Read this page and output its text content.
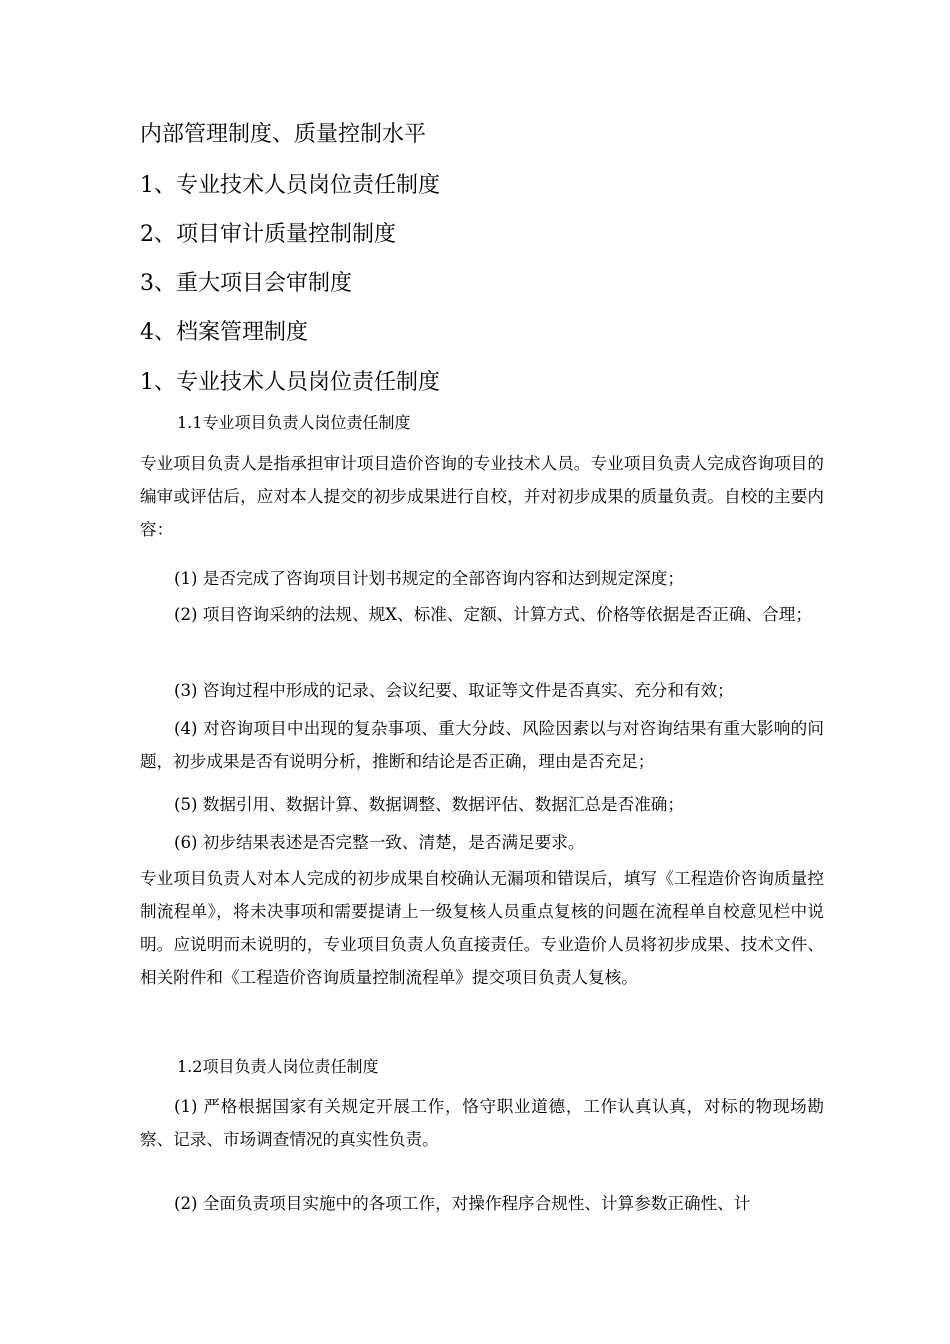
内部管理制度、质量控制水平
1、专业技术人员岗位责任制度
2、项目审计质量控制制度
3、重大项目会审制度
4、档案管理制度
1、专业技术人员岗位责任制度
1.1专业项目负责人岗位责任制度

专业项目负责人是指承担审计项目造价咨询的专业技术人员。专业项目负责人完成咨询项目的编审或评估后，应对本人提交的初步成果进行自校，并对初步成果的质量负责。自校的主要内容：

(1) 是否完成了咨询项目计划书规定的全部咨询内容和达到规定深度；

(2) 项目咨询采纳的法规、规X、标准、定额、计算方式、价格等依据是否正确、合理；

(3) 咨询过程中形成的记录、会议纪要、取证等文件是否真实、充分和有效；

(4) 对咨询项目中出现的复杂事项、重大分歧、风险因素以与对咨询结果有重大影响的问题，初步成果是否有说明分析，推断和结论是否正确，理由是否充足；

(5) 数据引用、数据计算、数据调整、数据评估、数据汇总是否准确；

(6) 初步结果表述是否完整一致、清楚，是否满足要求。

专业项目负责人对本人完成的初步成果自校确认无漏项和错误后，填写《工程造价咨询质量控制流程单》，将未决事项和需要提请上一级复核人员重点复核的问题在流程单自校意见栏中说明。应说明而未说明的，专业项目负责人负直接责任。专业造价人员将初步成果、技术文件、相关附件和《工程造价咨询质量控制流程单》提交项目负责人复核。

1.2项目负责人岗位责任制度

(1) 严格根据国家有关规定开展工作，恪守职业道德，工作认真认真，对标的物现场勘察、记录、市场调查情况的真实性负责。

(2) 全面负责项目实施中的各项工作，对操作程序合规性、计算参数正确性、计
